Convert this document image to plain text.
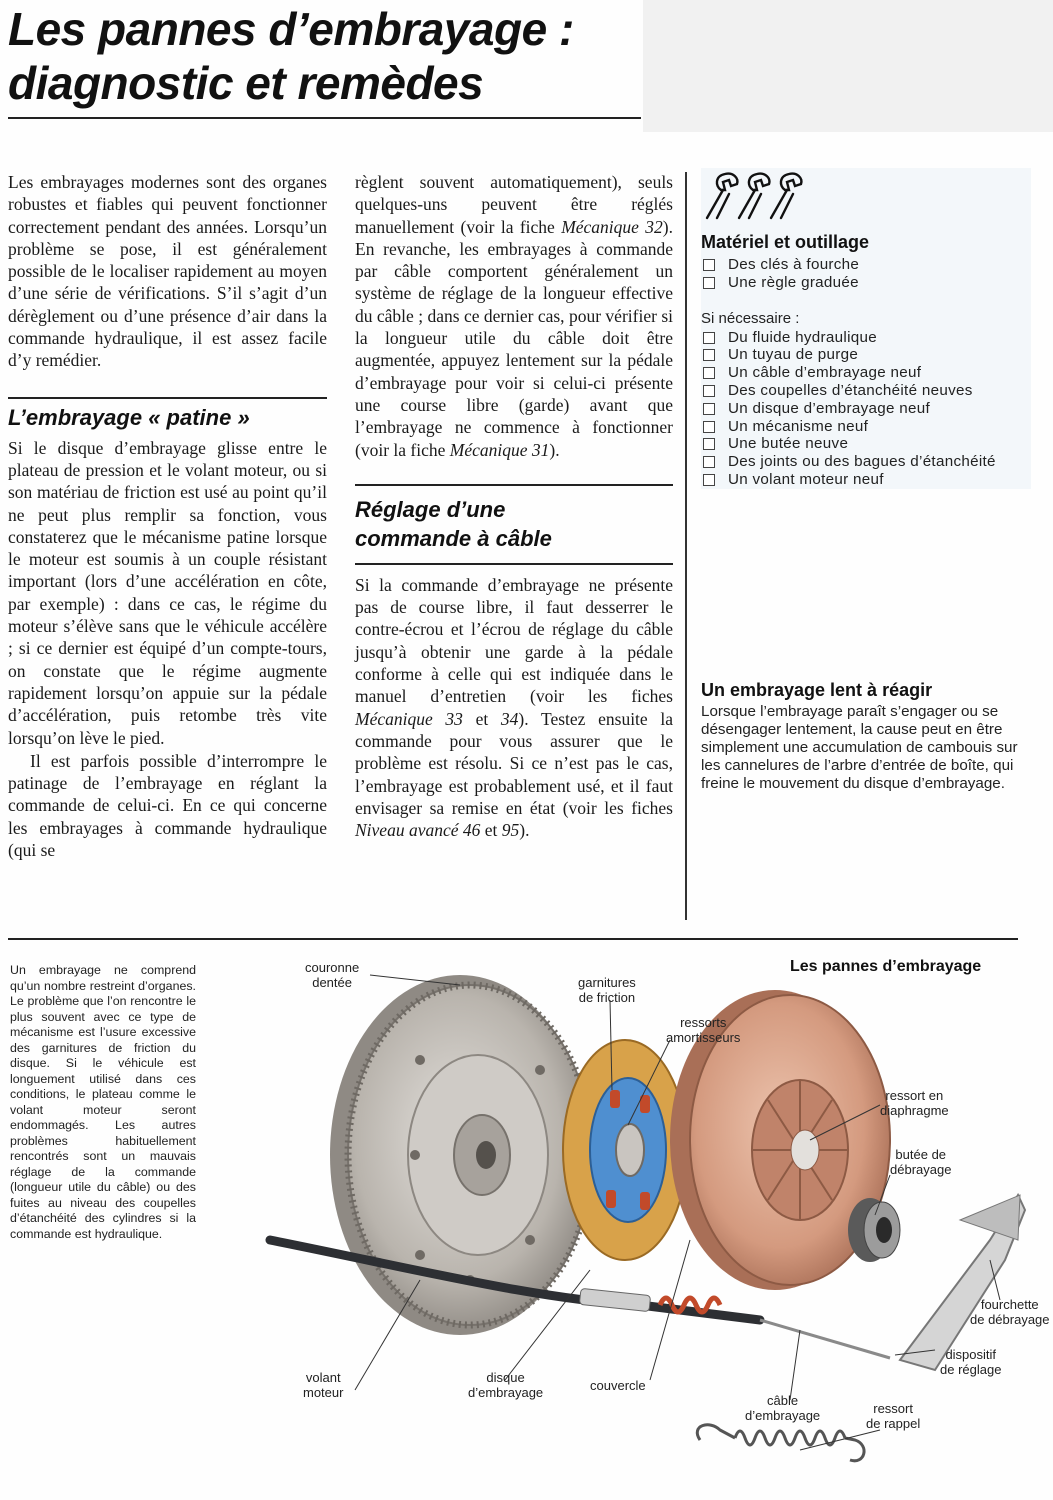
Les pannes d’embrayage :
diagnostic et remèdes

Les embrayages modernes sont des organes robustes et fiables qui peuvent fonctionner correctement pendant des années. Lorsqu’un problème se pose, il est généralement possible de le localiser rapidement au moyen d’une série de vérifications. S’il s’agit d’un dérèglement ou d’une présence d’air dans la commande hydraulique, il est assez facile d’y remédier.

L’embrayage « patine »

Si le disque d’embrayage glisse entre le plateau de pression et le volant moteur, ou si son matériau de friction est usé au point qu’il ne peut plus remplir sa fonction, vous constaterez que le mécanisme patine lorsque le moteur est soumis à un couple résistant important (lors d’une accélération en côte, par exemple) : dans ce cas, le régime du moteur s’élève sans que le véhicule accélère ; si ce dernier est équipé d’un compte-tours, on constate que le régime augmente rapidement lorsqu’on appuie sur la pédale d’accélération, puis retombe très vite lorsqu’on lève le pied.

Il est parfois possible d’interrompre le patinage de l’embrayage en réglant la commande de celui-ci. En ce qui concerne les embrayages à commande hydraulique (qui se

règlent souvent automatiquement), seuls quelques-uns peuvent être réglés manuellement (voir la fiche Mécanique 32). En revanche, les embrayages à commande par câble comportent généralement un système de réglage de la longueur effective du câble ; dans ce dernier cas, pour vérifier si la longueur utile du câble doit être augmentée, appuyez lentement sur la pédale d’embrayage pour voir si celui-ci présente une course libre (garde) avant que l’embrayage ne commence à fonctionner (voir la fiche Mécanique 31).

Réglage d’une
commande à câble

Si la commande d’embrayage ne présente pas de course libre, il faut desserrer le contre-écrou et l’écrou de réglage du câble jusqu’à obtenir une garde à la pédale conforme à celle qui est indiquée dans le manuel d’entretien (voir les fiches Mécanique 33 et 34). Testez ensuite la commande pour vous assurer que le problème est résolu. Si ce n’est pas le cas, l’embrayage est probablement usé, et il faut envisager sa remise en état (voir les fiches Niveau avancé 46 et 95).

Matériel et outillage
Des clés à fourche
Une règle graduée

Si nécessaire :

Du fluide hydraulique
Un tuyau de purge
Un câble d’embrayage neuf
Des coupelles d’étanchéité neuves
Un disque d’embrayage neuf
Un mécanisme neuf
Une butée neuve
Des joints ou des bagues d’étanchéité
Un volant moteur neuf
Un embrayage lent à réagir

Lorsque l’embrayage paraît s’engager ou se désengager lentement, la cause peut en être simplement une accumulation de cambouis sur les cannelures de l’arbre d’entrée de boîte, qui freine le mouvement du disque d’embrayage.

Les pannes d’embrayage

Un embrayage ne comprend qu’un nombre restreint d’organes. Le problème que l’on rencontre le plus souvent avec ce type de mécanisme est l’usure excessive des garnitures de friction du disque. Si le véhicule est longuement utilisé dans ces conditions, le plateau comme le volant moteur seront endommagés. Les autres problèmes habituellement rencontrés sont un mauvais réglage de la commande (longueur utile du câble) ou des fuites au niveau des coupelles d’étanchéité des cylindres si la commande est hydraulique.

couronne
dentée	garnitures
de friction
ressorts
amortisseurs
ressort en
diaphragme
butée de
débrayage
fourchette
de débrayage
dispositif
de réglage
volant
moteur
disque
d’embrayage	couvercle
câble
d’embrayage	ressort
de rappel
